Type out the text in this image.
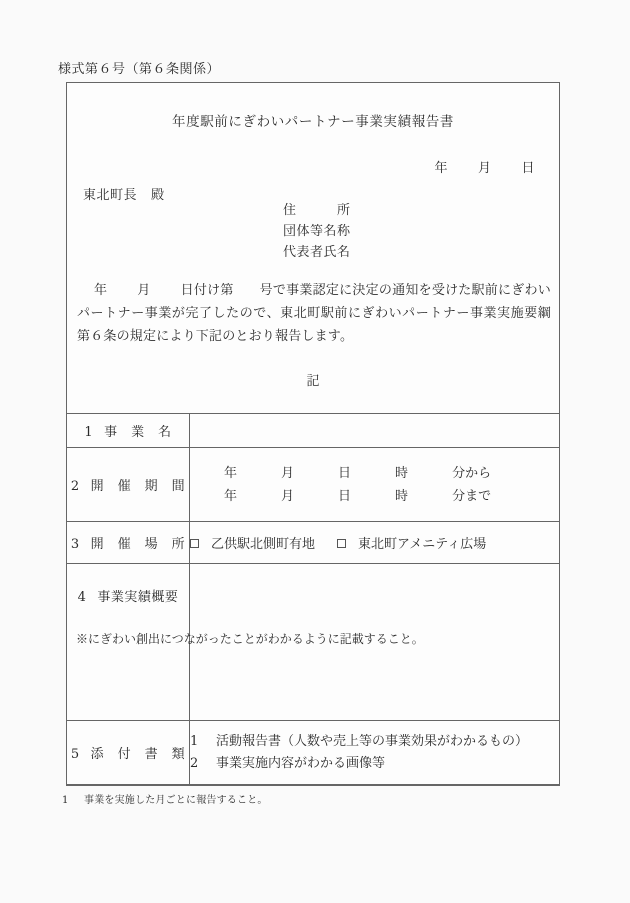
様式第６号（第６条関係）
年度駅前にぎわいパートナー事業実績報告書
年 月 日
東北町長 殿
住　　　所
団体等名称
代表者氏名
年 月 日付け第 号で事業認定に決定の通知を受けた駅前にぎわいパートナー事業が完了したので、東北町駅前にぎわいパートナー事業実施要綱第６条の規定により下記のとおり報告します。
記
1 事　業　名	
2 開　催　期　間	年 月 日 時 分から
年 月 日 時 分まで

3 開　催　場　所	乙供駅北側町有地 東北町アメニティ広場

4 事業実績概要
※にぎわい創出につながったことがわかるように記載すること。	

5 添　付　書　類	1 活動報告書（人数や売上等の事業効果がわかるもの）
2 事業実施内容がわかる画像等
1 事業を実施した月ごとに報告すること。
